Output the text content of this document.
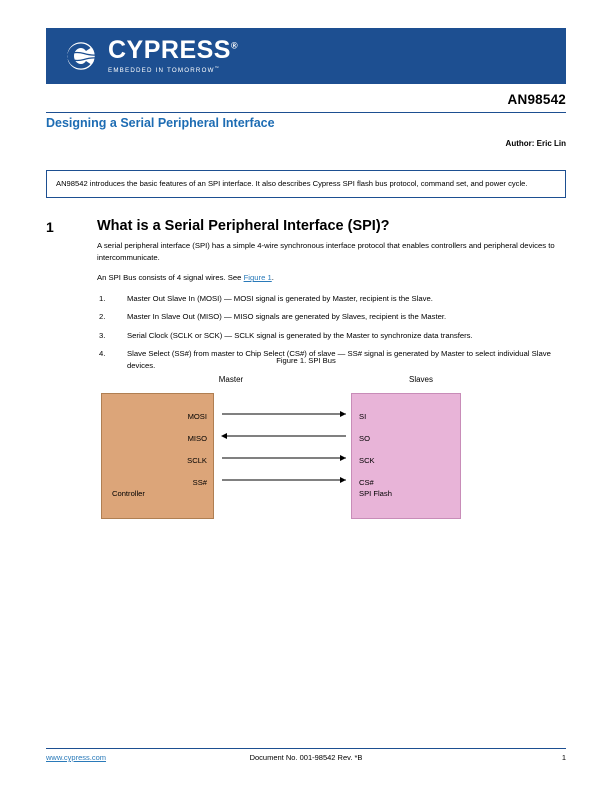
CYPRESS®
EMBEDDED IN TOMORROW™
AN98542
Designing a Serial Peripheral Interface
Author: Eric Lin
AN98542 introduces the basic features of an SPI interface. It also describes Cypress SPI flash bus protocol, command set, and power cycle.
1	What is a Serial Peripheral Interface (SPI)?

A serial peripheral interface (SPI) has a simple 4-wire synchronous interface protocol that enables controllers and peripheral devices to intercommunicate.

An SPI Bus consists of 4 signal wires. See Figure 1.

1.	Master Out Slave In (MOSI) — MOSI signal is generated by Master, recipient is the Slave.
2.	Master In Slave Out (MISO) — MISO signals are generated by Slaves, recipient is the Master.
3.	Serial Clock (SCLK or SCK) — SCLK signal is generated by the Master to synchronize data transfers.
4.	Slave Select (SS#) from master to Chip Select (CS#) of slave — SS# signal is generated by Master to select individual Slave devices.
Figure 1. SPI Bus
Master	Slaves
MOSI
MISO
SCLK
SS#
Controller
SI
SO
SCK
CS#
SPI Flash
www.cypress.com	Document No. 001-98542 Rev. *B	1
